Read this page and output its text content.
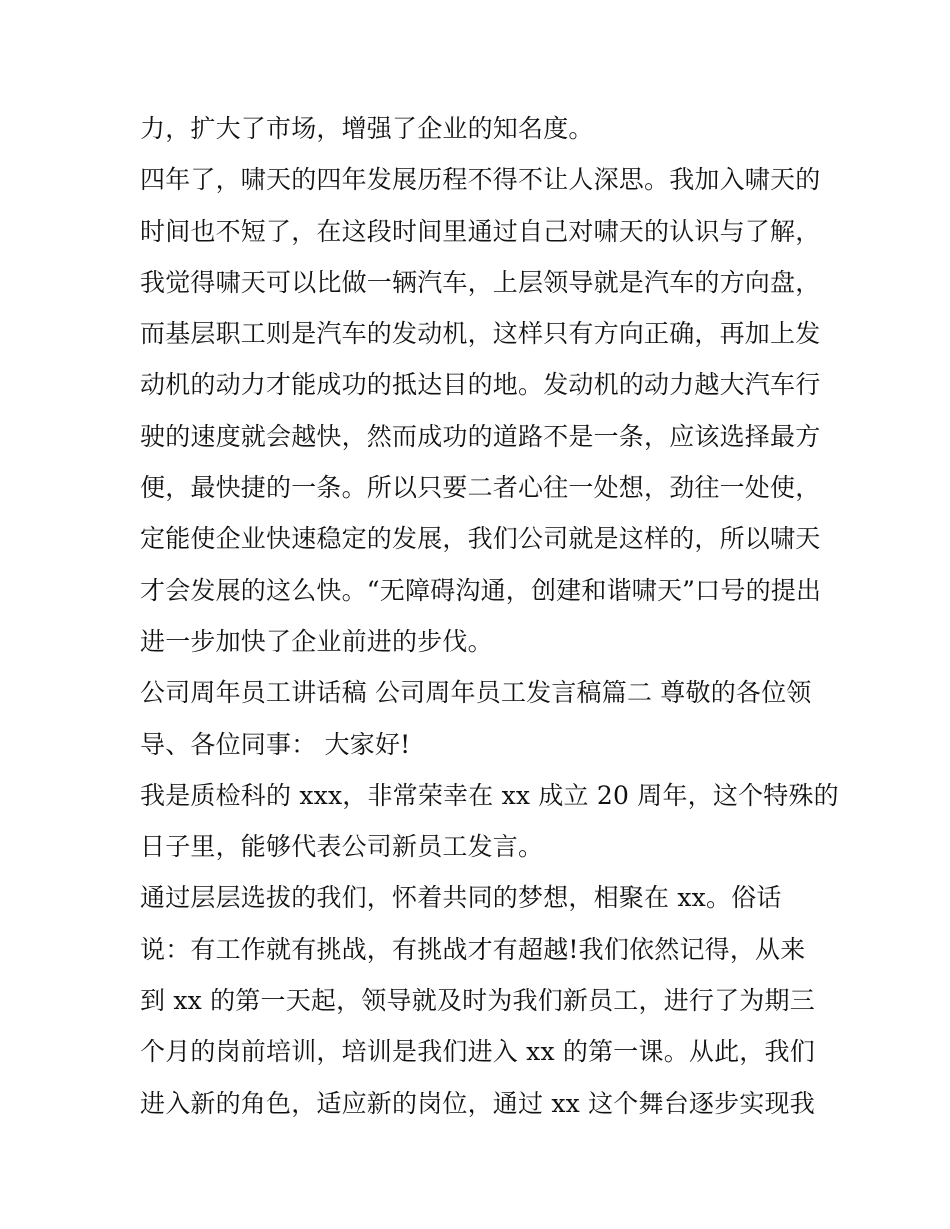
力，扩大了市场，增强了企业的知名度。
四年了，啸天的四年发展历程不得不让人深思。我加入啸天的
时间也不短了，在这段时间里通过自己对啸天的认识与了解，
我觉得啸天可以比做一辆汽车，上层领导就是汽车的方向盘，
而基层职工则是汽车的发动机，这样只有方向正确，再加上发
动机的动力才能成功的抵达目的地。发动机的动力越大汽车行
驶的速度就会越快，然而成功的道路不是一条，应该选择最方
便，最快捷的一条。所以只要二者心往一处想，劲往一处使，
定能使企业快速稳定的发展，我们公司就是这样的，所以啸天
才会发展的这么快。“无障碍沟通，创建和谐啸天”口号的提出
进一步加快了企业前进的步伐。
公司周年员工讲话稿 公司周年员工发言稿篇二 尊敬的各位领
导、各位同事： 大家好!
我是质检科的 xxx，非常荣幸在 xx 成立 20 周年，这个特殊的
日子里，能够代表公司新员工发言。
通过层层选拔的我们，怀着共同的梦想，相聚在 xx。俗话
说：有工作就有挑战，有挑战才有超越!我们依然记得，从来
到 xx 的第一天起，领导就及时为我们新员工，进行了为期三
个月的岗前培训，培训是我们进入 xx 的第一课。从此，我们
进入新的角色，适应新的岗位，通过 xx 这个舞台逐步实现我
